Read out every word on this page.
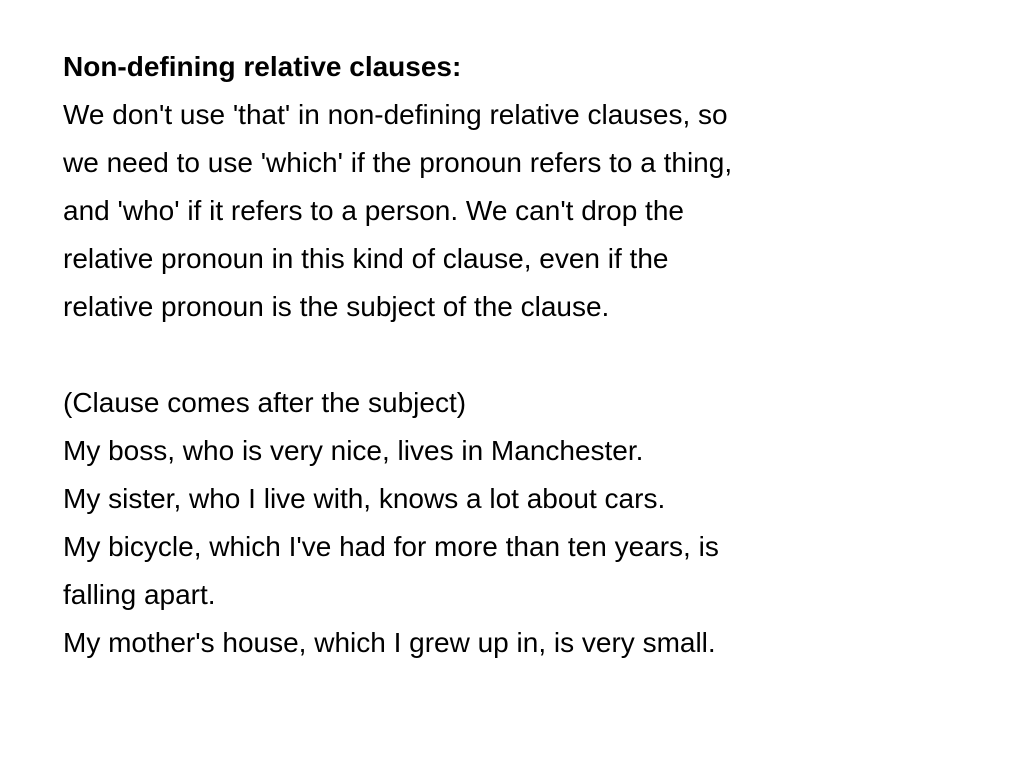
Non-defining relative clauses:
We don't use 'that' in non-defining relative clauses, so
we need to use 'which' if the pronoun refers to a thing,
and 'who' if it refers to a person. We can't drop the
relative pronoun in this kind of clause, even if the
relative pronoun is the subject of the clause.
(Clause comes after the subject)
My boss, who is very nice, lives in Manchester.
My sister, who I live with, knows a lot about cars.
My bicycle, which I've had for more than ten years, is
falling apart.
My mother's house, which I grew up in, is very small.
